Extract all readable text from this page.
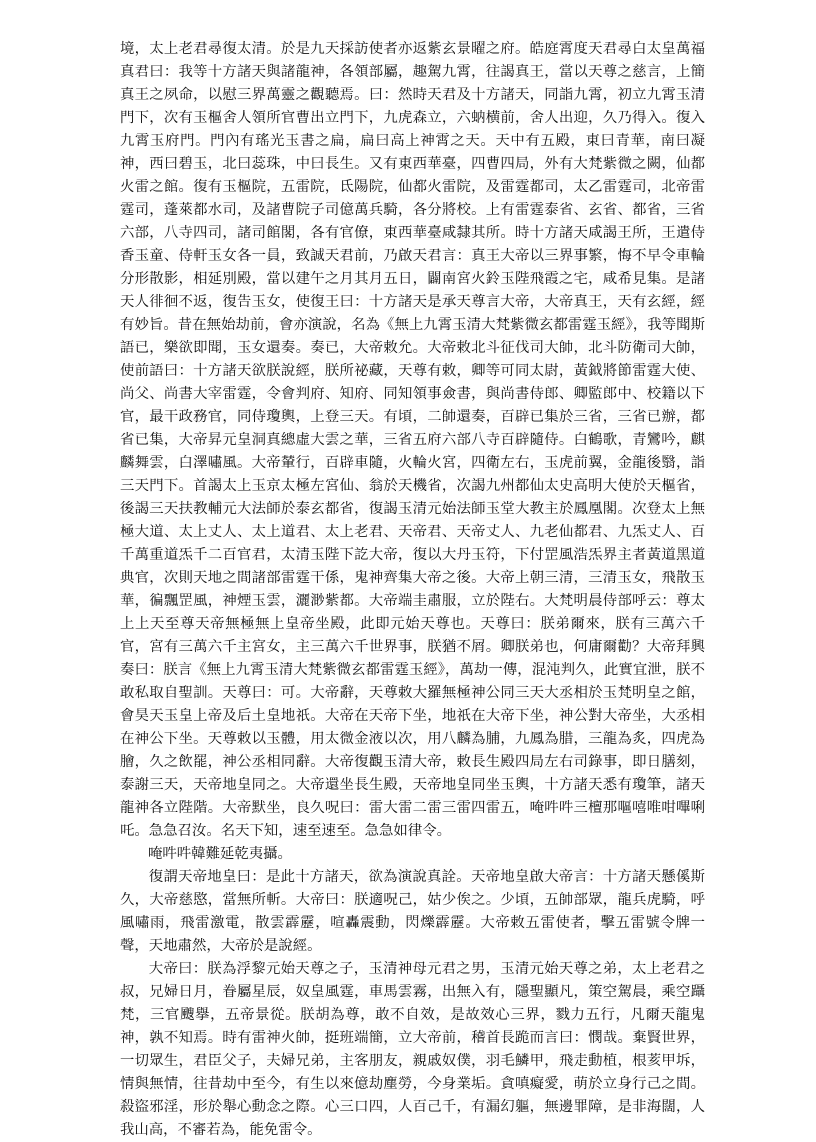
境，太上老君尋復太清。於是九天採訪使者亦返紫玄景曜之府。皓庭霄度天君尋白太皇萬福真君曰：我等十方諸天與諸龍神，各領部屬，趣駕九霄，往謁真王，當以天尊之慈言，上簡真王之夙命，以慰三界萬靈之觀聽焉。曰：然時天君及十方諸天，同詣九霄，初立九霄玉清門下，次有玉樞舍人領所官曹出立門下，九虎森立，六蚋横前，舍人出迎，久乃得入。復入九霄玉府門。門內有瑤光玉書之扁，扁曰高上神霄之天。天中有五殿，東曰青華，南曰凝神，西曰碧玉，北曰蕊珠，中曰長生。又有東西華臺，四曹四局，外有大梵紫微之闕，仙都火雷之館。復有玉樞院，五雷院，氐陽院，仙都火雷院，及雷霆都司，太乙雷霆司，北帝雷霆司，蓬萊都水司，及諸曹院子司億萬兵騎，各分將校。上有雷霆泰省、玄省、都省，三省六部，八寺四司，諸司館閣，各有官僚，東西華臺咸隸其所。時十方諸天咸謁王所，王遣侍香玉童、侍軒玉女各一員，致誠天君前，乃啟天君言：真王大帝以三界事繁，悔不早令車輪分形散影，相延別殿，當以建午之月其月五日，闢南宮火鈴玉陛飛霞之宅，咸希見集。是諸天人徘徊不返，復告玉女，使復王曰：十方諸天是承天尊言大帝，大帝真王，天有玄經，經有妙旨。昔在無始劫前，會亦演說，名為《無上九霄玉清大梵紫微玄都雷霆玉經》，我等聞斯語已，樂欲即聞，玉女還奏。奏已，大帝敕允。大帝敕北斗征伐司大帥，北斗防衛司大帥，使前語曰：十方諸天欲朕說經，朕所祕藏，天尊有敕，卿等可同太尉，黃鉞將節雷霆大使、尚父、尚書大宰雷霆，令會判府、知府、同知領事僉書，與尚書侍郎、卿監郎中、校籍以下官，最干政務官，同侍瓊輿，上登三天。有頃，二帥還奏，百辟已集於三省，三省已辦，都省已集，大帝昇元皇洞真總虛大雲之華，三省五府六部八寺百辟隨侍。白鶴歌，青鸞吟，麒麟舞雲，白澤嘯風。大帝輦行，百辟車隨，火輪火宮，四衛左右，玉虎前翼，金龍後翳，詣三天門下。首謁太上玉京太極左宮仙、翁於天機省，次謁九州都仙太史高明大使於天樞省，後謁三天扶教輔元大法師於泰玄都省，復謁玉清元始法師玉堂大教主於鳳凰閣。次登太上無極大道、太上丈人、太上道君、太上老君、天帝君、天帝丈人、九老仙都君、九炁丈人、百千萬重道炁千二百官君，太清玉陛下訖大帝，復以大丹玉符，下付罡風浩炁界主者黃道黑道典官，次則天地之間諸部雷霆干係，鬼神齊集大帝之後。大帝上朝三清，三清玉女，飛散玉華，徧飄罡風，神煙玉雲，灑渺紫都。大帝端圭肅服，立於陛右。大梵明晨侍部呼云：尊太上上天至尊天帝無極無上皇帝坐殿，此即元始天尊也。天尊曰：朕弟爾來，朕有三萬六千官，宮有三萬六千主宮女，主三萬六千世界事，朕猶不屑。卿朕弟也，何庸爾勸？大帝拜興奏曰：朕言《無上九霄玉清大梵紫微玄都雷霆玉經》，萬劫一傳，混沌判久，此實宜泄，朕不敢私取自聖訓。天尊曰：可。大帝辭，天尊敕大羅無極神公同三天大丞相於玉梵明皇之館，會昊天玉皇上帝及后土皇地祇。大帝在天帝下坐，地祇在大帝下坐，神公對大帝坐，大丞相在神公下坐。天尊敕以玉體，用太微金液以次，用八麟為脯，九鳳為腊，三龍為炙，四虎為膾，久之飲罷，神公丞相同辭。大帝復觀玉清大帝，敕長生殿四局左右司錄事，即日膳刻，泰謝三天，天帝地皇同之。大帝還坐長生殿，天帝地皇同坐玉輿，十方諸天悉有瓊筆，諸天龍神各立陛階。大帝默坐，良久呪曰：雷大雷二雷三雷四雷五，唵吽吽三檀那嘔嘻唯咁嗶唎吒。急急召汝。名天下知，速至速至。急急如律令。

唵吽吽韓難延乾夷攝。

復謂天帝地皇曰：是此十方諸天，欲為演說真詮。天帝地皇啟大帝言：十方諸天懸傒斯久，大帝慈愍，當無所斬。大帝曰：朕適呪己，姑少俟之。少頃，五帥部眾，龍兵虎騎，呼風嘯雨，飛雷激電，散雲霹靂，喧轟震動，閃爍霹靂。大帝敕五雷使者，擊五雷號令牌一聲，天地肅然，大帝於是說經。

大帝曰：朕為浮黎元始天尊之子，玉清神母元君之男，玉清元始天尊之弟，太上老君之叔，兄婦日月，眷屬星辰，奴皇風霆，車馬雲霧，出無入有，隱聖顯凡，策空駕晨，乘空躡梵，三官颼擧，五帝景從。朕胡為尊，敢不自效，是故效心三界，戮力五行，凡爾天龍鬼神，孰不知焉。時有雷神火帥，挺班端簡，立大帝前，稽首長跪而言曰：憫哉。棄賢世界，一切眾生，君臣父子，夫婦兄弟，主客朋友，親戚奴僕，羽毛鱗甲，飛走動植，根荄甲坼，情與無情，往昔劫中至今，有生以來億劫塵勞，今身業垢。貪嗔癡愛，萌於立身行己之間。殺盜邪淫，形於舉心動念之際。心三口四，人百己千，有漏幻軀，無邊罪障，是非海闊，人我山高，不審若為，能免雷令。
